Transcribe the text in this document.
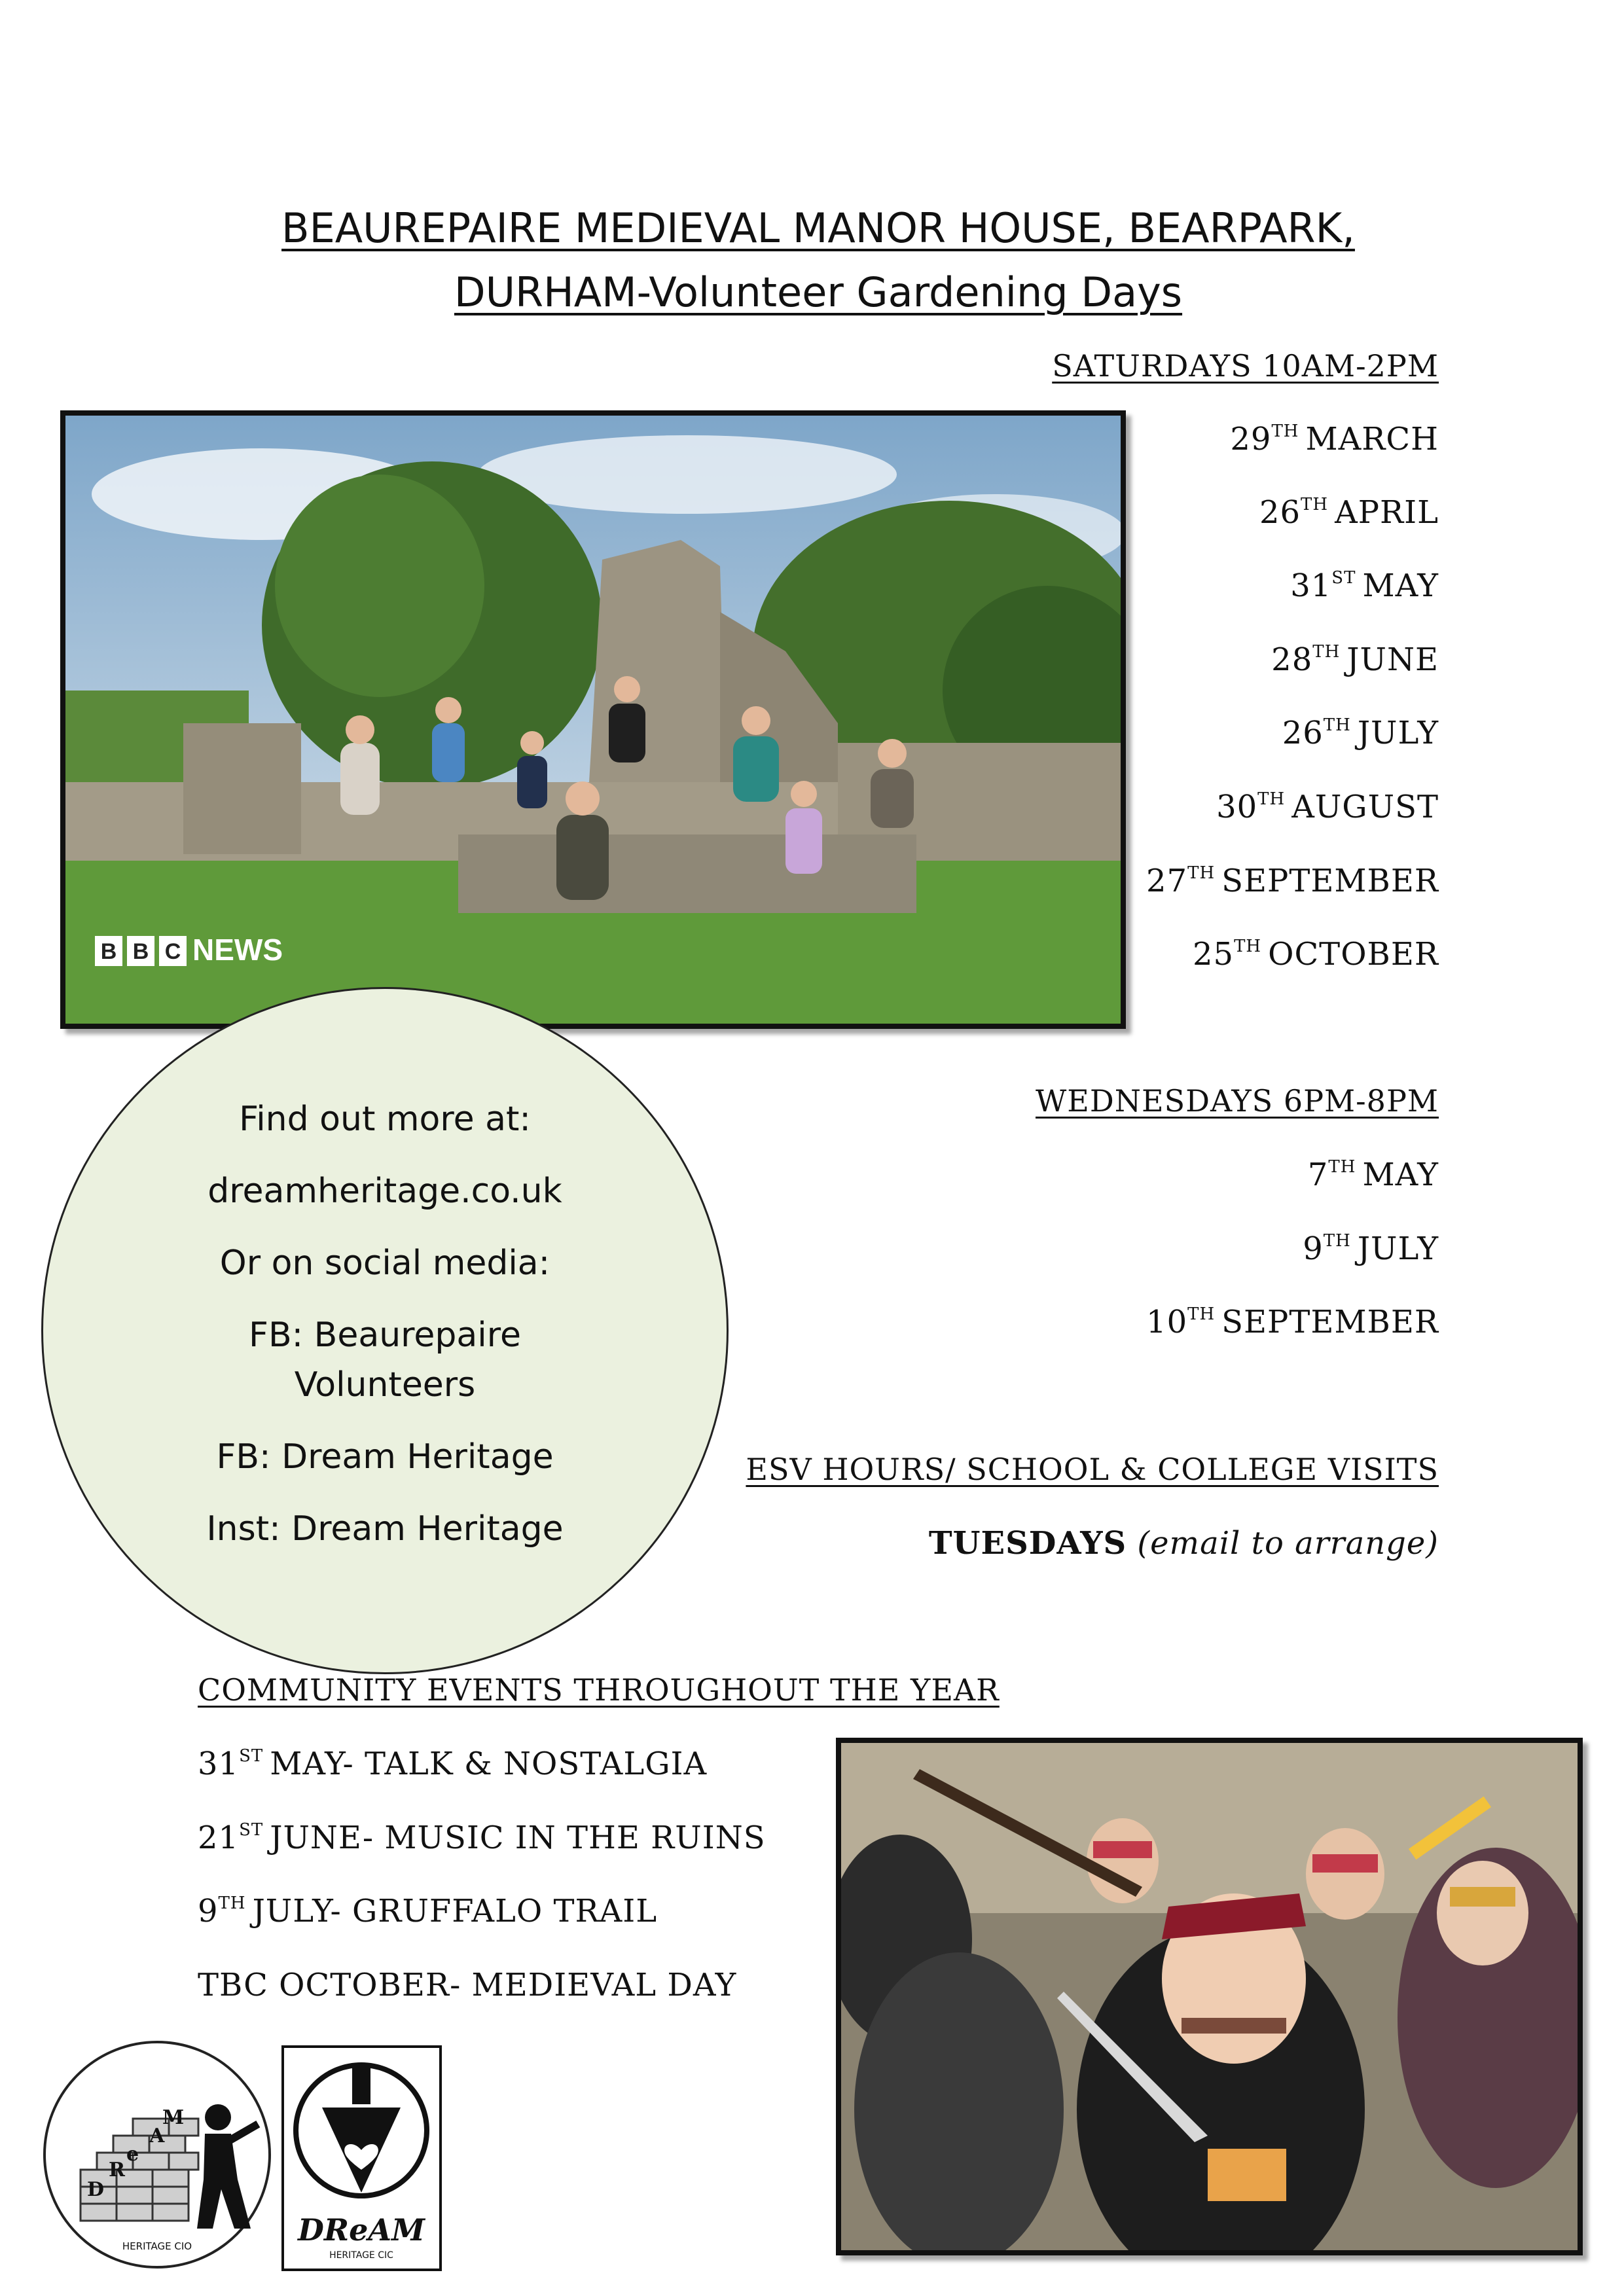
BEAUREPAIRE MEDIEVAL MANOR HOUSE, BEARPARK,
DURHAM-Volunteer Gardening Days
B B C NEWS
SATURDAYS 10AM-2PM
29TH MARCH
26TH APRIL
31ST MAY
28TH JUNE
26TH JULY
30TH AUGUST
27TH SEPTEMBER
25TH OCTOBER
Find out more at:
dreamheritage.co.uk
Or on social media:
FB: Beaurepaire
Volunteers
FB: Dream Heritage
Inst: Dream Heritage
WEDNESDAYS 6PM-8PM
7TH MAY
9TH JULY
10TH SEPTEMBER
ESV HOURS/ SCHOOL & COLLEGE VISITS
TUESDAYS (email to arrange)
COMMUNITY EVENTS THROUGHOUT THE YEAR
31ST MAY- TALK & NOSTALGIA
21ST JUNE- MUSIC IN THE RUINS
9TH JULY- GRUFFALO TRAIL
TBC OCTOBER- MEDIEVAL DAY
D
R
e
A
M
HERITAGE CIO	DReAM
HERITAGE CIC
